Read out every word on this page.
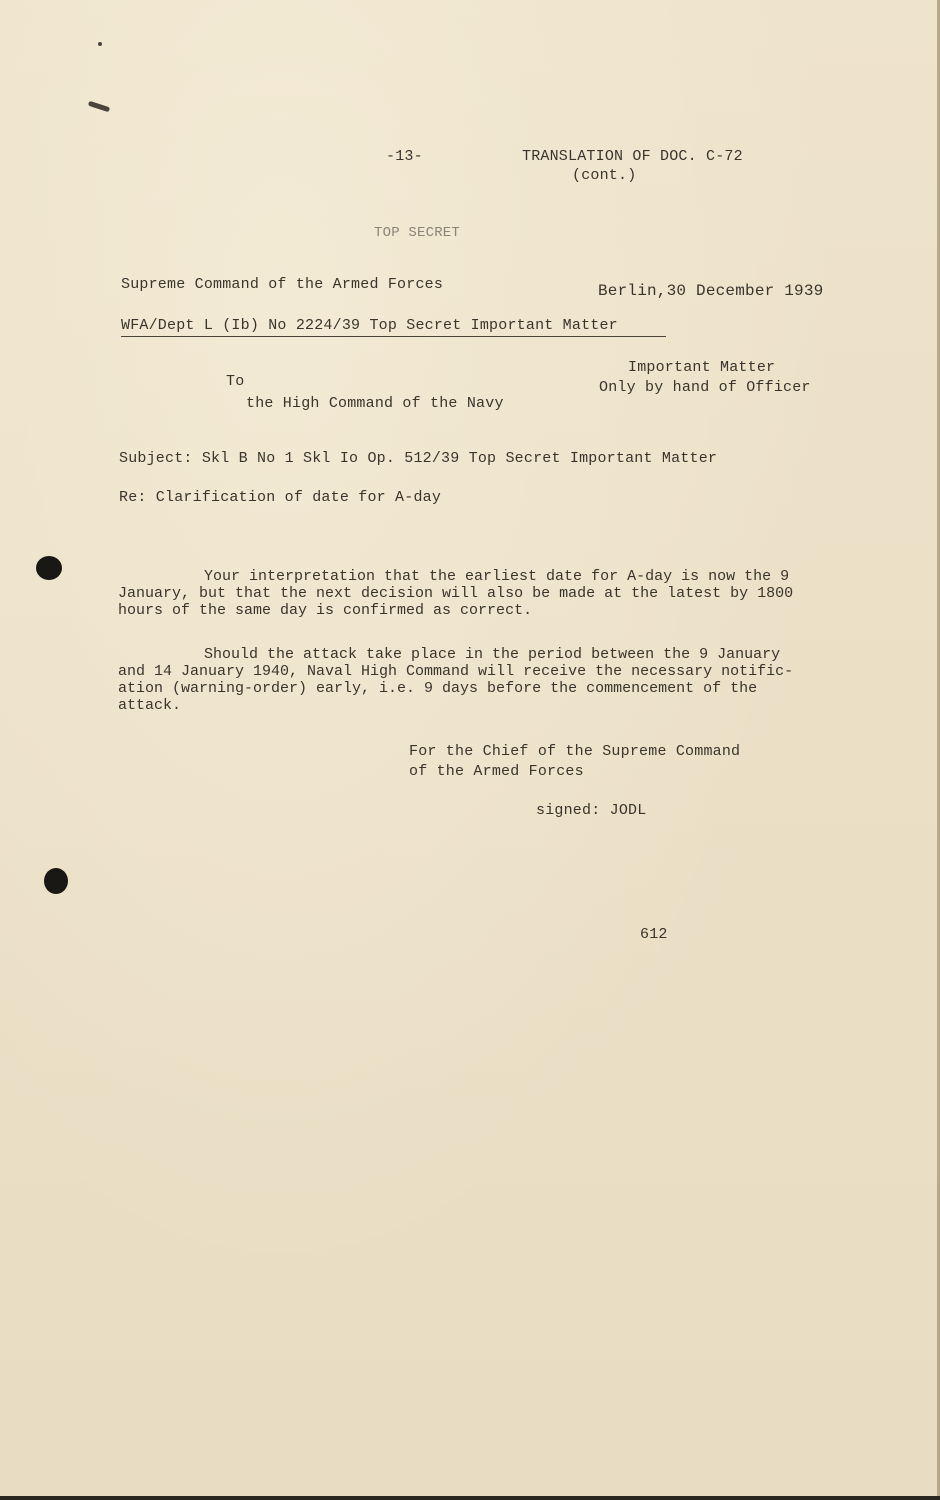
-13-	TRANSLATION OF DOC. C-72
(cont.)
TOP SECRET
Supreme Command of the Armed Forces	Berlin,30 December 1939
WFA/Dept L (Ib) No 2224/39 Top Secret Important Matter
Important Matter
Only by hand of Officer
To
the High Command of the Navy
Subject: Skl B No 1 Skl Io Op. 512/39 Top Secret Important Matter
Re: Clarification of date for A-day
Your interpretation that the earliest date for A-day is now the 9
January, but that the next decision will also be made at the latest by 1800
hours of the same day is confirmed as correct.
Should the attack take place in the period between the 9 January
and 14 January 1940, Naval High Command will receive the necessary notific-
ation (warning-order) early, i.e. 9 days before the commencement of the
attack.
For the Chief of the Supreme Command
of the Armed Forces
signed: JODL
612
